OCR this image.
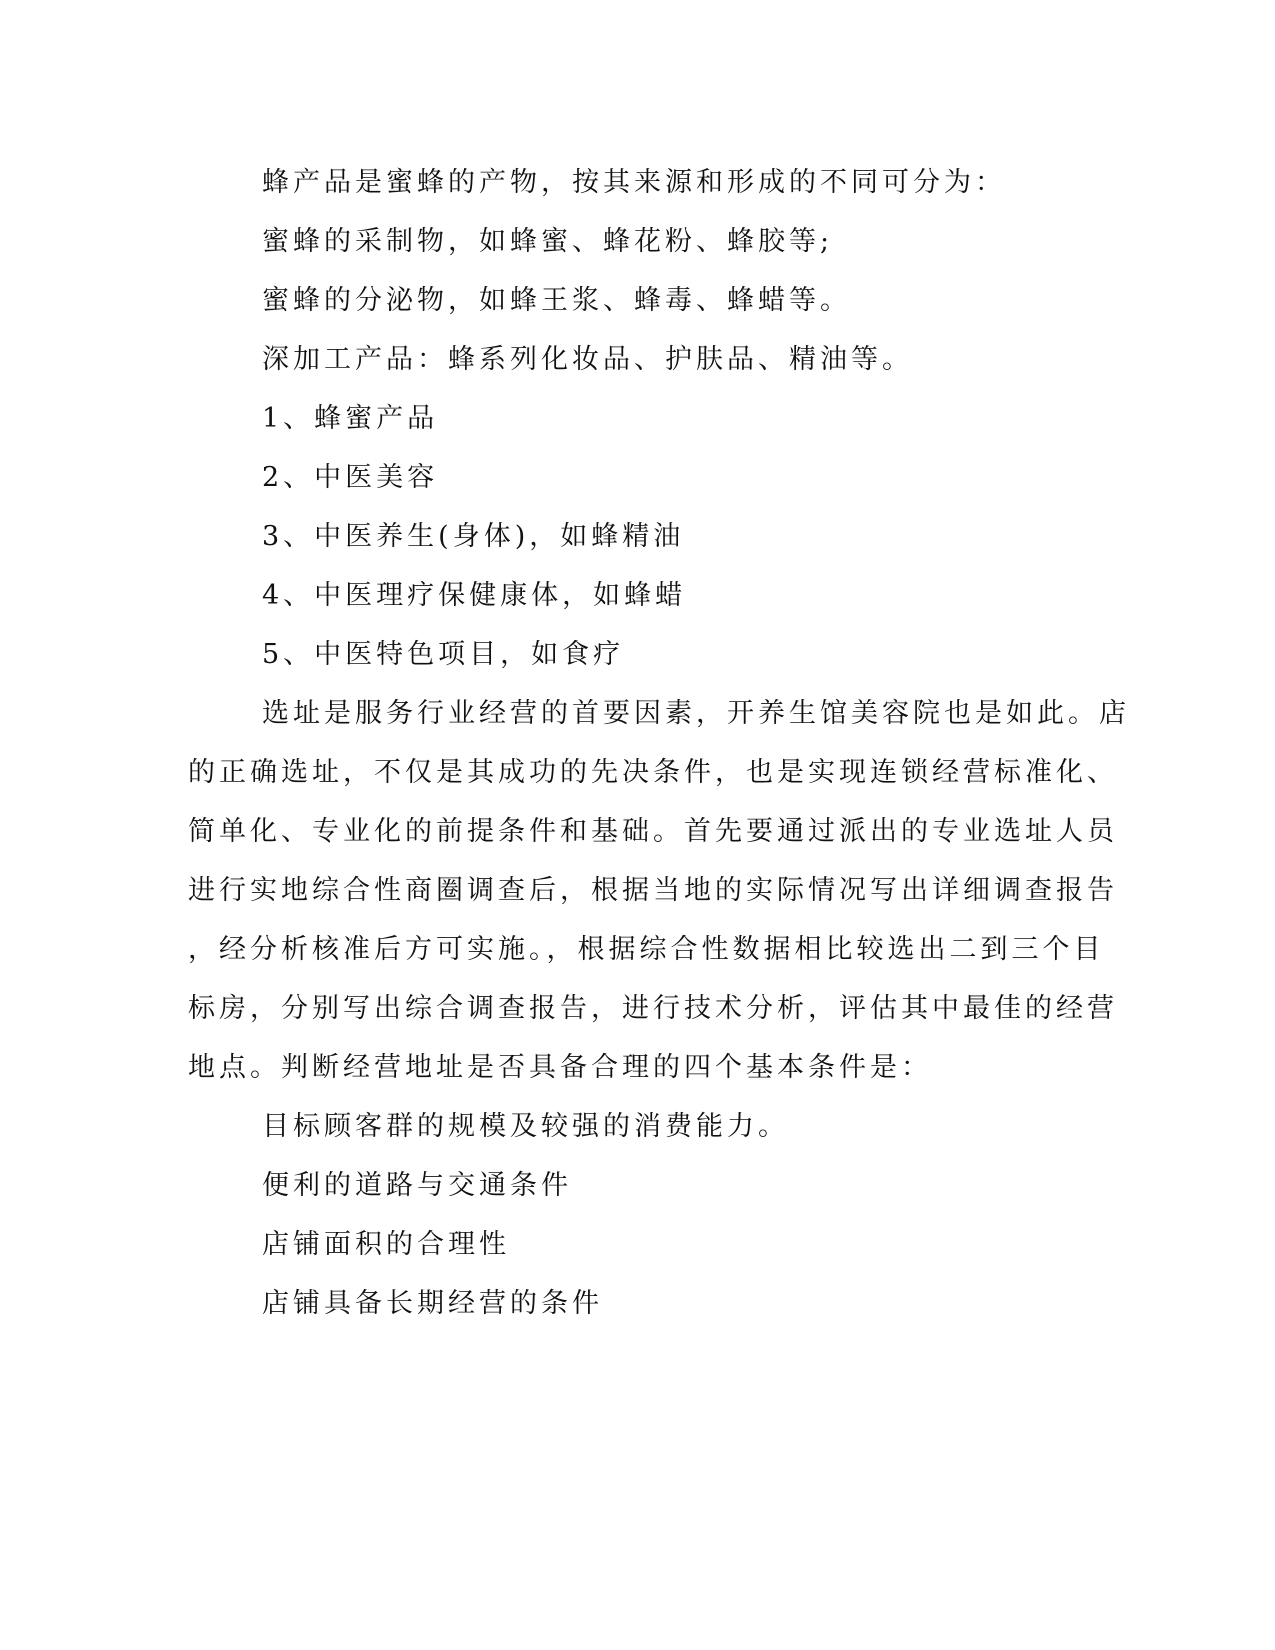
蜂产品是蜜蜂的产物，按其来源和形成的不同可分为：

蜜蜂的采制物，如蜂蜜、蜂花粉、蜂胶等;

蜜蜂的分泌物，如蜂王浆、蜂毒、蜂蜡等。

深加工产品：蜂系列化妆品、护肤品、精油等。

1、蜂蜜产品

2、中医美容

3、中医养生(身体)，如蜂精油

4、中医理疗保健康体，如蜂蜡

5、中医特色项目，如食疗

选址是服务行业经营的首要因素，开养生馆美容院也是如此。店

的正确选址，不仅是其成功的先决条件，也是实现连锁经营标准化、

简单化、专业化的前提条件和基础。首先要通过派出的专业选址人员

进行实地综合性商圈调查后，根据当地的实际情况写出详细调查报告

，经分析核准后方可实施。，根据综合性数据相比较选出二到三个目

标房，分别写出综合调查报告，进行技术分析，评估其中最佳的经营

地点。判断经营地址是否具备合理的四个基本条件是：

目标顾客群的规模及较强的消费能力。

便利的道路与交通条件

店铺面积的合理性

店铺具备长期经营的条件
